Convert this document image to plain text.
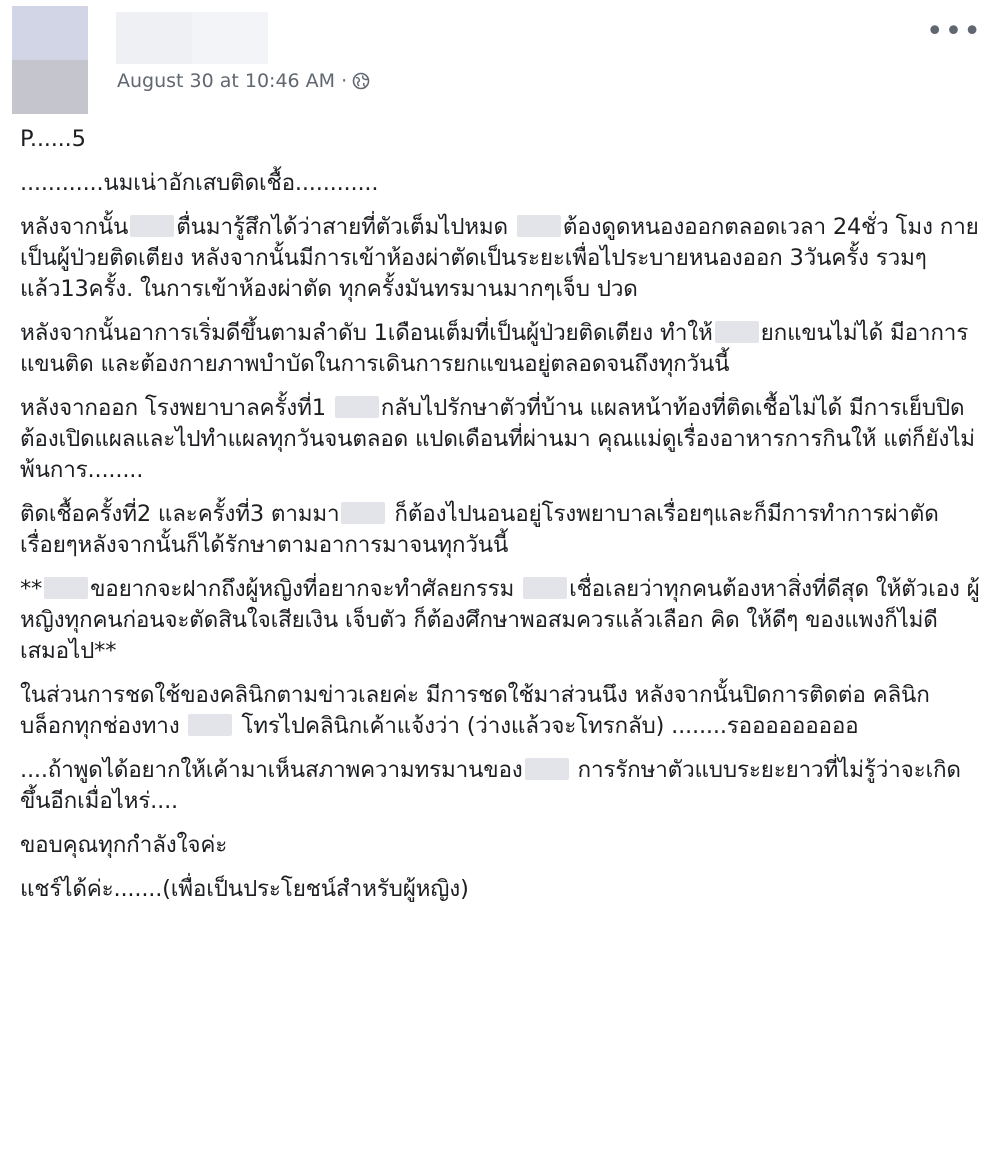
August 30 at 10:46 AM ·
•••

P......5

............นมเน่าอักเสบติดเชื้อ............

หลังจากนั้น ตื่นมารู้สึกได้ว่าสายที่ตัวเต็มไปหมด ต้องดูดหนองออกตลอดเวลา 24ชั่ว โมง กายเป็นผู้ป่วยติดเตียง หลังจากนั้นมีการเข้าห้องผ่าตัดเป็นระยะเพื่อไประบายหนองออก 3วันครั้ง รวมๆแล้ว13ครั้ง. ในการเข้าห้องผ่าตัด ทุกครั้งมันทรมานมากๆเจ็บ ปวด

หลังจากนั้นอาการเริ่มดีขึ้นตามลำดับ 1เดือนเต็มที่เป็นผู้ป่วยติดเตียง ทำให้ ยกแขนไม่ได้ มีอาการแขนติด และต้องกายภาพบำบัดในการเดินการยกแขนอยู่ตลอดจนถึงทุกวันนี้

หลังจากออก โรงพยาบาลครั้งที่1 กลับไปรักษาตัวที่บ้าน แผลหน้าท้องที่ติดเชื้อไม่ได้ มีการเย็บปิดต้องเปิดแผลและไปทำแผลทุกวันจนตลอด แปดเดือนที่ผ่านมา คุณแม่ดูเรื่องอาหารการกินให้ แต่ก็ยังไม่พ้นการ........

ติดเชื้อครั้งที่2 และครั้งที่3 ตามมา ก็ต้องไปนอนอยู่โรงพยาบาลเรื่อยๆและก็มีการทำการผ่าตัดเรื่อยๆหลังจากนั้นก็ได้รักษาตามอาการมาจนทุกวันนี้

** ขอยากจะฝากถึงผู้หญิงที่อยากจะทำศัลยกรรม เชื่อเลยว่าทุกคนต้องหาสิ่งที่ดีสุด ให้ตัวเอง ผู้หญิงทุกคนก่อนจะตัดสินใจเสียเงิน เจ็บตัว ก็ต้องศึกษาพอสมควรแล้วเลือก คิด ให้ดีๆ ของแพงก็ไม่ดีเสมอไป**

ในส่วนการชดใช้ของคลินิกตามข่าวเลยค่ะ มีการชดใช้มาส่วนนึง หลังจากนั้นปิดการติดต่อ คลินิกบล็อกทุกช่องทาง  โทรไปคลินิกเค้าแจ้งว่า (ว่างแล้วจะโทรกลับ) ........รอออออออออ

....ถ้าพูดได้อยากให้เค้ามาเห็นสภาพความทรมานของ การรักษาตัวแบบระยะยาวที่ไม่รู้ว่าจะเกิดขึ้นอีกเมื่อไหร่....

ขอบคุณทุกกำลังใจค่ะ

แชร์ได้ค่ะ.......(เพื่อเป็นประโยชน์สำหรับผู้หญิง)
